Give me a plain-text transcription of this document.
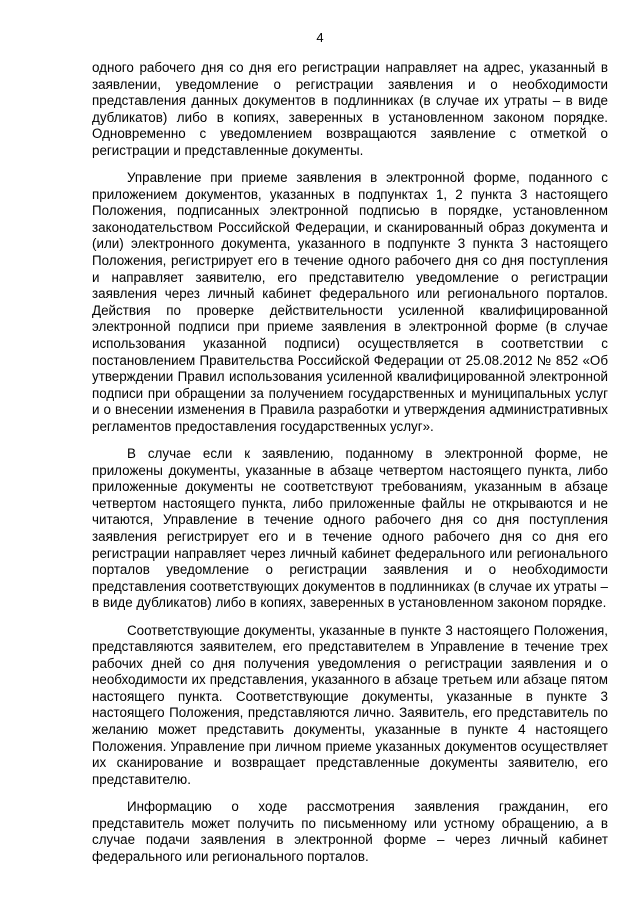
4

одного рабочего дня со дня его регистрации направляет на адрес, указанный в заявлении, уведомление о регистрации заявления и о необходимости представления данных документов в подлинниках (в случае их утраты – в виде дубликатов) либо в копиях, заверенных в установленном законом порядке. Одновременно с уведомлением возвращаются заявление с отметкой о регистрации и представленные документы.

Управление при приеме заявления в электронной форме, поданного с приложением документов, указанных в подпунктах 1, 2 пункта 3 настоящего Положения, подписанных электронной подписью в порядке, установленном законодательством Российской Федерации, и сканированный образ документа и (или) электронного документа, указанного в подпункте 3 пункта 3 настоящего Положения, регистрирует его в течение одного рабочего дня со дня поступления и направляет заявителю, его представителю уведомление о регистрации заявления через личный кабинет федерального или регионального порталов. Действия по проверке действительности усиленной квалифицированной электронной подписи при приеме заявления в электронной форме (в случае использования указанной подписи) осуществляется в соответствии с постановлением Правительства Российской Федерации от 25.08.2012 № 852 «Об утверждении Правил использования усиленной квалифицированной электронной подписи при обращении за получением государственных и муниципальных услуг и о внесении изменения в Правила разработки и утверждения административных регламентов предоставления государственных услуг».

В случае если к заявлению, поданному в электронной форме, не приложены документы, указанные в абзаце четвертом настоящего пункта, либо приложенные документы не соответствуют требованиям, указанным в абзаце четвертом настоящего пункта, либо приложенные файлы не открываются и не читаются, Управление в течение одного рабочего дня со дня поступления заявления регистрирует его и в течение одного рабочего дня со дня его регистрации направляет через личный кабинет федерального или регионального порталов уведомление о регистрации заявления и о необходимости представления соответствующих документов в подлинниках (в случае их утраты – в виде дубликатов) либо в копиях, заверенных в установленном законом порядке.

Соответствующие документы, указанные в пункте 3 настоящего Положения, представляются заявителем, его представителем в Управление в течение трех рабочих дней со дня получения уведомления о регистрации заявления и о необходимости их представления, указанного в абзаце третьем или абзаце пятом настоящего пункта. Соответствующие документы, указанные в пункте 3 настоящего Положения, представляются лично. Заявитель, его представитель по желанию может представить документы, указанные в пункте 4 настоящего Положения. Управление при личном приеме указанных документов осуществляет их сканирование и возвращает представленные документы заявителю, его представителю.

Информацию о ходе рассмотрения заявления гражданин, его представитель может получить по письменному или устному обращению, а в случае подачи заявления в электронной форме – через личный кабинет федерального или регионального порталов.
